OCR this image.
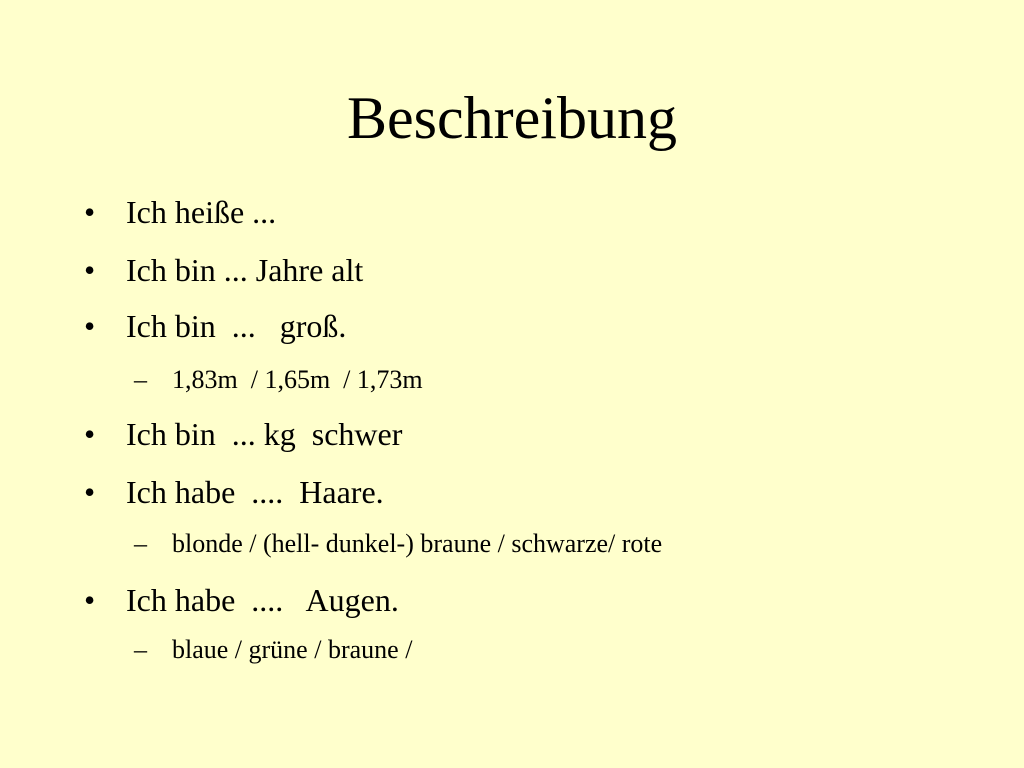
Beschreibung
• Ich heiße ...
• Ich bin ... Jahre alt
• Ich bin  ...   groß.
– 1,83m  / 1,65m  / 1,73m
• Ich bin  ... kg  schwer
• Ich habe  ....  Haare.
– blonde / (hell- dunkel-) braune / schwarze/ rote
• Ich habe  ....   Augen.
– blaue / grüne / braune /
